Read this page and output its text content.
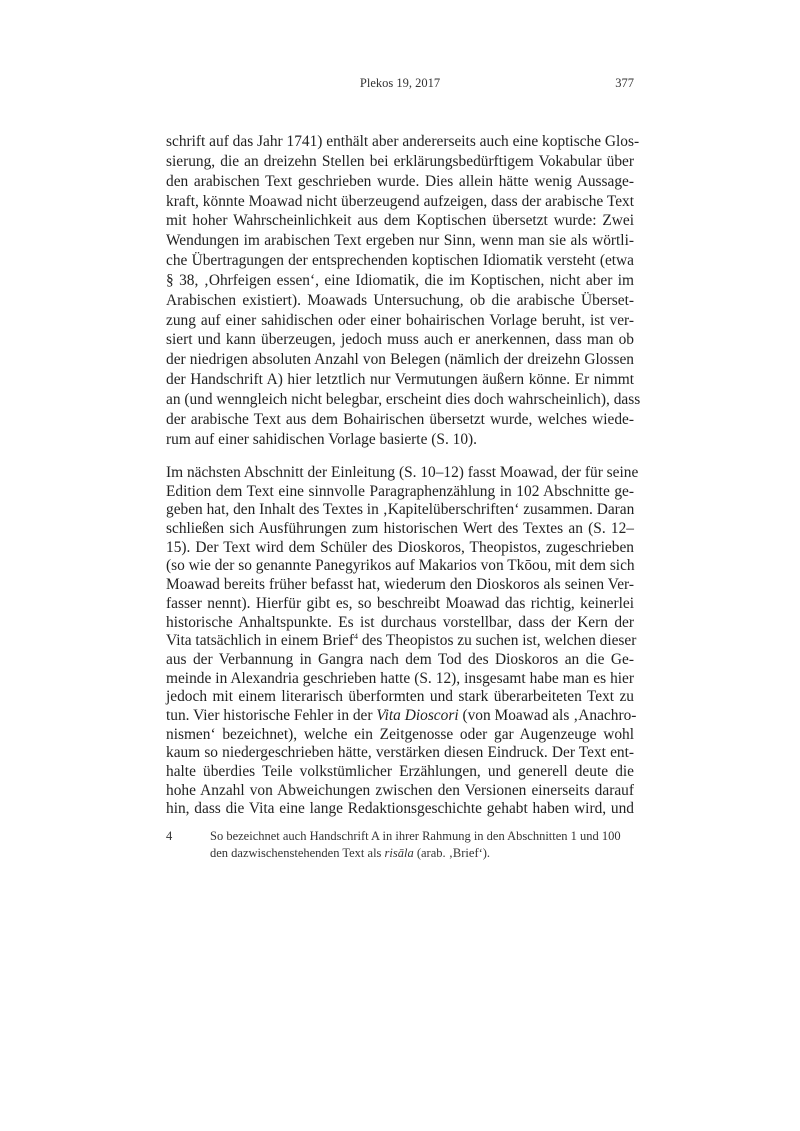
Plekos 19, 2017	377
schrift auf das Jahr 1741) enthält aber andererseits auch eine koptische Glos-
sierung, die an dreizehn Stellen bei erklärungsbedürftigem Vokabular über
den arabischen Text geschrieben wurde. Dies allein hätte wenig Aussage-
kraft, könnte Moawad nicht überzeugend aufzeigen, dass der arabische Text
mit hoher Wahrscheinlichkeit aus dem Koptischen übersetzt wurde: Zwei
Wendungen im arabischen Text ergeben nur Sinn, wenn man sie als wörtli-
che Übertragungen der entsprechenden koptischen Idiomatik versteht (etwa
§ 38, ‚Ohrfeigen essen‘, eine Idiomatik, die im Koptischen, nicht aber im
Arabischen existiert). Moawads Untersuchung, ob die arabische Überset-
zung auf einer sahidischen oder einer bohairischen Vorlage beruht, ist ver-
siert und kann überzeugen, jedoch muss auch er anerkennen, dass man ob
der niedrigen absoluten Anzahl von Belegen (nämlich der dreizehn Glossen
der Handschrift A) hier letztlich nur Vermutungen äußern könne. Er nimmt
an (und wenngleich nicht belegbar, erscheint dies doch wahrscheinlich), dass
der arabische Text aus dem Bohairischen übersetzt wurde, welches wiede-
rum auf einer sahidischen Vorlage basierte (S. 10).
Im nächsten Abschnitt der Einleitung (S. 10–12) fasst Moawad, der für seine
Edition dem Text eine sinnvolle Paragraphenzählung in 102 Abschnitte ge-
geben hat, den Inhalt des Textes in ‚Kapitelüberschriften‘ zusammen. Daran
schließen sich Ausführungen zum historischen Wert des Textes an (S. 12–
15). Der Text wird dem Schüler des Dioskoros, Theopistos, zugeschrieben
(so wie der so genannte Panegyrikos auf Makarios von Tkōou, mit dem sich
Moawad bereits früher befasst hat, wiederum den Dioskoros als seinen Ver-
fasser nennt). Hierfür gibt es, so beschreibt Moawad das richtig, keinerlei
historische Anhaltspunkte. Es ist durchaus vorstellbar, dass der Kern der
Vita tatsächlich in einem Brief$^4$ des Theopistos zu suchen ist, welchen dieser
aus der Verbannung in Gangra nach dem Tod des Dioskoros an die Ge-
meinde in Alexandria geschrieben hatte (S. 12), insgesamt habe man es hier
jedoch mit einem literarisch überformten und stark überarbeiteten Text zu
tun. Vier historische Fehler in der Vita Dioscori (von Moawad als ‚Anachro-
nismen‘ bezeichnet), welche ein Zeitgenosse oder gar Augenzeuge wohl
kaum so niedergeschrieben hätte, verstärken diesen Eindruck. Der Text ent-
halte überdies Teile volkstümlicher Erzählungen, und generell deute die
hohe Anzahl von Abweichungen zwischen den Versionen einerseits darauf
hin, dass die Vita eine lange Redaktionsgeschichte gehabt haben wird, und
4	So bezeichnet auch Handschrift A in ihrer Rahmung in den Abschnitten 1 und 100
den dazwischenstehenden Text als risāla (arab. ‚Brief‘).
